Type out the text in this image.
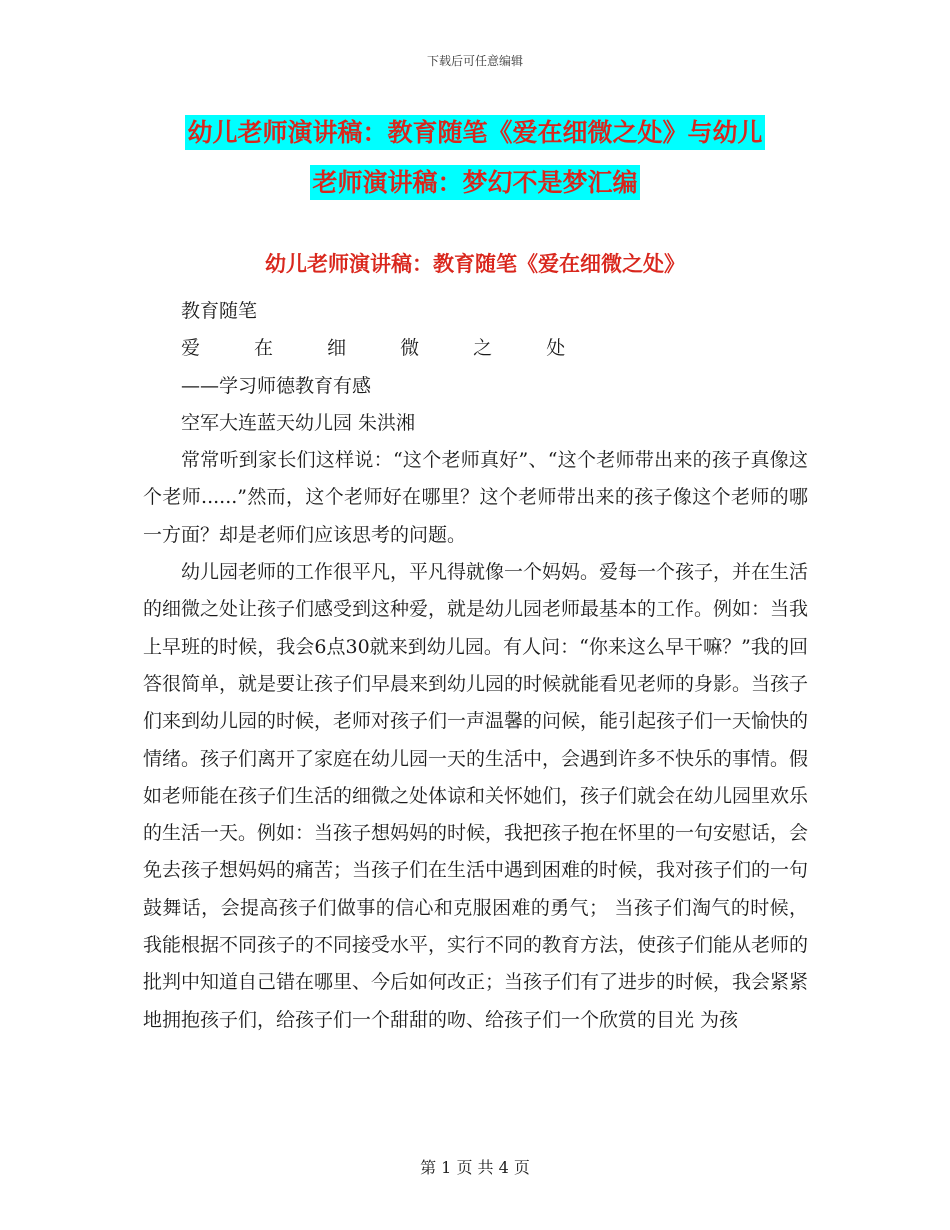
下载后可任意编辑
幼儿老师演讲稿：教育随笔《爱在细微之处》与幼儿
老师演讲稿：梦幻不是梦汇编
幼儿老师演讲稿：教育随笔《爱在细微之处》

教育随笔

爱 在 细 微 之 处

——学习师德教育有感

空军大连蓝天幼儿园 朱洪湘

常常听到家长们这样说：“这个老师真好”、“这个老师带出来的孩子真像这个老师......”然而，这个老师好在哪里？这个老师带出来的孩子像这个老师的哪一方面？却是老师们应该思考的问题。

幼儿园老师的工作很平凡，平凡得就像一个妈妈。爱每一个孩子，并在生活的细微之处让孩子们感受到这种爱，就是幼儿园老师最基本的工作。例如：当我上早班的时候，我会6点30就来到幼儿园。有人问：“你来这么早干嘛？”我的回答很简单，就是要让孩子们早晨来到幼儿园的时候就能看见老师的身影。当孩子们来到幼儿园的时候，老师对孩子们一声温馨的问候，能引起孩子们一天愉快的情绪。孩子们离开了家庭在幼儿园一天的生活中，会遇到许多不快乐的事情。假如老师能在孩子们生活的细微之处体谅和关怀她们，孩子们就会在幼儿园里欢乐的生活一天。例如：当孩子想妈妈的时候，我把孩子抱在怀里的一句安慰话，会免去孩子想妈妈的痛苦；当孩子们在生活中遇到困难的时候，我对孩子们的一句鼓舞话，会提高孩子们做事的信心和克服困难的勇气； 当孩子们淘气的时候，我能根据不同孩子的不同接受水平，实行不同的教育方法，使孩子们能从老师的批判中知道自己错在哪里、今后如何改正；当孩子们有了进步的时候，我会紧紧地拥抱孩子们，给孩子们一个甜甜的吻、给孩子们一个欣赏的目光 为孩

第 1 页 共 4 页
